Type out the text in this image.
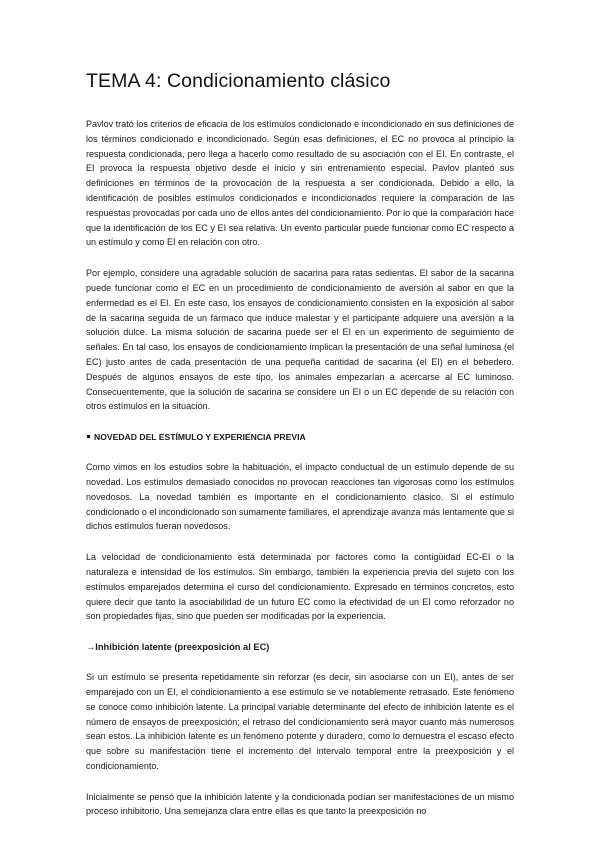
TEMA 4: Condicionamiento clásico

Pavlov trató los criterios de eficacia de los estímulos condicionado e incondicionado en sus definiciones de los términos condicionado e incondicionado. Según esas definiciones, el EC no provoca al principio la respuesta condicionada, pero llega a hacerlo como resultado de su asociación con el EI. En contraste, el EI provoca la respuesta objetivo desde el inicio y sin entrenamiento especial. Pavlov planteó sus definiciones en términos de la provocación de la respuesta a ser condicionada. Debido a ello, la identificación de posibles estímulos condicionados e incondicionados requiere la comparación de las respuestas provocadas por cada uno de ellos antes del condicionamiento. Por lo que la comparación hace que la identificación de los EC y EI sea relativa. Un evento particular puede funcionar como EC respecto a un estímulo y como EI en relación con otro.

Por ejemplo, considere una agradable solución de sacarina para ratas sedientas. El sabor de la sacarina puede funcionar como el EC en un procedimiento de condicionamiento de aversión al sabor en que la enfermedad es el EI. En este caso, los ensayos de condicionamiento consisten en la exposición al sabor de la sacarina seguida de un fármaco que induce malestar y el participante adquiere una aversión a la solución dulce. La misma solución de sacarina puede ser el EI en un experimento de seguimiento de señales. En tal caso, los ensayos de condicionamiento implican la presentación de una señal luminosa (el EC) justo antes de cada presentación de una pequeña cantidad de sacarina (el EI) en el bebedero. Después de algunos ensayos de este tipo, los animales empezarían a acercarse al EC luminoso. Consecuentemente, que la solución de sacarina se considere un EI o un EC depende de su relación con otros estímulos en la situación.

NOVEDAD DEL ESTÍMULO Y EXPERIENCIA PREVIA

Como vimos en los estudios sobre la habituación, el impacto conductual de un estímulo depende de su novedad. Los estímulos demasiado conocidos no provocan reacciones tan vigorosas como los estímulos novedosos. La novedad también es importante en el condicionamiento clásico. Si el estímulo condicionado o el incondicionado son sumamente familiares, el aprendizaje avanza más lentamente que si dichos estímulos fueran novedosos.

La velocidad de condicionamiento está determinada por factores como la contigüidad EC-EI o la naturaleza e intensidad de los estímulos. Sin embargo, también la experiencia previa del sujeto con los estímulos emparejados determina el curso del condicionamiento. Expresado en términos concretos, esto quiere decir que tanto la asociabilidad de un futuro EC como la efectividad de un EI como reforzador no son propiedades fijas, sino que pueden ser modificadas por la experiencia.

→Inhibición latente (preexposición al EC)

Si un estímulo se presenta repetidamente sin reforzar (es decir, sin asociarse con un EI), antes de ser emparejado con un EI, el condicionamiento a ese estímulo se ve notablemente retrasado. Este fenómeno se conoce como inhibición latente. La principal variable determinante del efecto de inhibición latente es el número de ensayos de preexposición; el retraso del condicionamiento será mayor cuanto más numerosos sean estos. La inhibición latente es un fenómeno potente y duradero, como lo demuestra el escaso efecto que sobre su manifestación tiene el incremento del intervalo temporal entre la preexposición y el condicionamiento.

Inicialmente se pensó que la inhibición latente y la condicionada podían ser manifestaciones de un mismo proceso inhibitorio. Una semejanza clara entre ellas es que tanto la preexposición no
